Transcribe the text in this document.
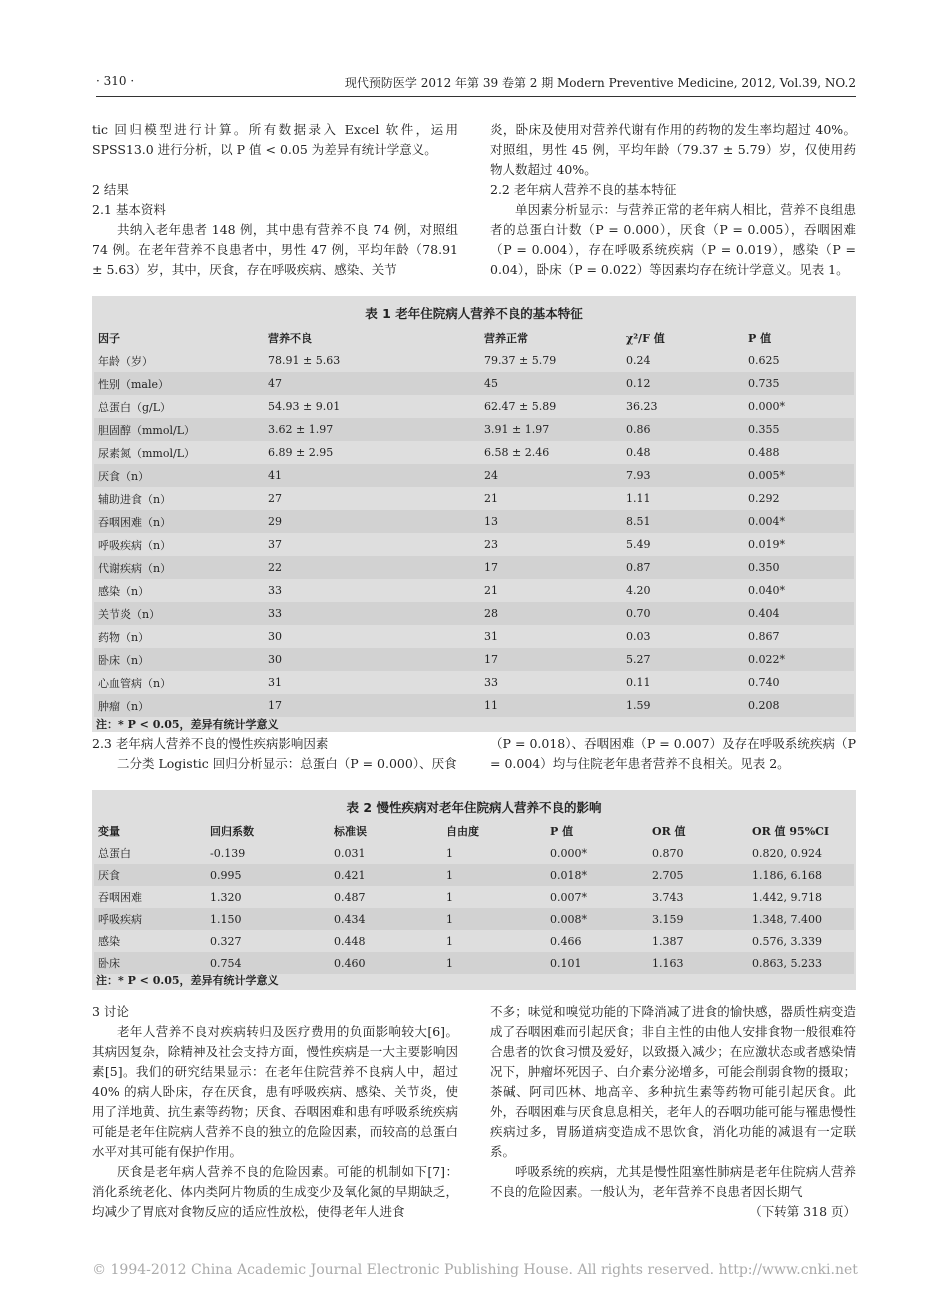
· 310 ·	现代预防医学 2012 年第 39 卷第 2 期 Modern Preventive Medicine, 2012, Vol.39, NO.2

tic 回归模型进行计算。所有数据录入 Excel 软件，运用 SPSS13.0 进行分析，以 P 值 < 0.05 为差异有统计学意义。

2 结果

2.1 基本资料

共纳入老年患者 148 例，其中患有营养不良 74 例，对照组 74 例。在老年营养不良患者中，男性 47 例，平均年龄（78.91 ± 5.63）岁，其中，厌食，存在呼吸疾病、感染、关节

炎，卧床及使用对营养代谢有作用的药物的发生率均超过 40%。对照组，男性 45 例，平均年龄（79.37 ± 5.79）岁，仅使用药物人数超过 40%。

2.2 老年病人营养不良的基本特征

单因素分析显示：与营养正常的老年病人相比，营养不良组患者的总蛋白计数（P = 0.000），厌食（P = 0.005），吞咽困难（P = 0.004），存在呼吸系统疾病（P = 0.019），感染（P = 0.04），卧床（P = 0.022）等因素均存在统计学意义。见表 1。

表 1 老年住院病人营养不良的基本特征
因子	营养不良	营养正常	χ²/F 值	P 值
年龄（岁）	78.91 ± 5.63	79.37 ± 5.79	0.24	0.625
性别（male）	47	45	0.12	0.735
总蛋白（g/L）	54.93 ± 9.01	62.47 ± 5.89	36.23	0.000*
胆固醇（mmol/L）	3.62 ± 1.97	3.91 ± 1.97	0.86	0.355
尿素氮（mmol/L）	6.89 ± 2.95	6.58 ± 2.46	0.48	0.488
厌食（n）	41	24	7.93	0.005*
辅助进食（n）	27	21	1.11	0.292
吞咽困难（n）	29	13	8.51	0.004*
呼吸疾病（n）	37	23	5.49	0.019*
代谢疾病（n）	22	17	0.87	0.350
感染（n）	33	21	4.20	0.040*
关节炎（n）	33	28	0.70	0.404
药物（n）	30	31	0.03	0.867
卧床（n）	30	17	5.27	0.022*
心血管病（n）	31	33	0.11	0.740
肿瘤（n）	17	11	1.59	0.208
注：* P < 0.05，差异有统计学意义

2.3 老年病人营养不良的慢性疾病影响因素

二分类 Logistic 回归分析显示：总蛋白（P = 0.000）、厌食

（P = 0.018）、吞咽困难（P = 0.007）及存在呼吸系统疾病（P = 0.004）均与住院老年患者营养不良相关。见表 2。

表 2 慢性疾病对老年住院病人营养不良的影响
变量	回归系数	标准误	自由度	P 值	OR 值	OR 值 95%CI
总蛋白	-0.139	0.031	1	0.000*	0.870	0.820, 0.924
厌食	0.995	0.421	1	0.018*	2.705	1.186, 6.168
吞咽困难	1.320	0.487	1	0.007*	3.743	1.442, 9.718
呼吸疾病	1.150	0.434	1	0.008*	3.159	1.348, 7.400
感染	0.327	0.448	1	0.466	1.387	0.576, 3.339
卧床	0.754	0.460	1	0.101	1.163	0.863, 5.233
注：* P < 0.05，差异有统计学意义

3 讨论

老年人营养不良对疾病转归及医疗费用的负面影响较大[6]。其病因复杂，除精神及社会支持方面，慢性疾病是一大主要影响因素[5]。我们的研究结果显示：在老年住院营养不良病人中，超过 40% 的病人卧床，存在厌食，患有呼吸疾病、感染、关节炎，使用了洋地黄、抗生素等药物；厌食、吞咽困难和患有呼吸系统疾病可能是老年住院病人营养不良的独立的危险因素，而较高的总蛋白水平对其可能有保护作用。

厌食是老年病人营养不良的危险因素。可能的机制如下[7]：消化系统老化、体内类阿片物质的生成变少及氧化氮的早期缺乏，均减少了胃底对食物反应的适应性放松，使得老年人进食

不多；味觉和嗅觉功能的下降消减了进食的愉快感，器质性病变造成了吞咽困难而引起厌食；非自主性的由他人安排食物一般很难符合患者的饮食习惯及爱好，以致摄入减少；在应激状态或者感染情况下，肿瘤坏死因子、白介素分泌增多，可能会削弱食物的摄取；茶碱、阿司匹林、地高辛、多种抗生素等药物可能引起厌食。此外，吞咽困难与厌食息息相关，老年人的吞咽功能可能与罹患慢性疾病过多，胃肠道病变造成不思饮食，消化功能的减退有一定联系。

呼吸系统的疾病，尤其是慢性阻塞性肺病是老年住院病人营养不良的危险因素。一般认为，老年营养不良患者因长期气

（下转第 318 页）

© 1994-2012 China Academic Journal Electronic Publishing House. All rights reserved. http://www.cnki.net
